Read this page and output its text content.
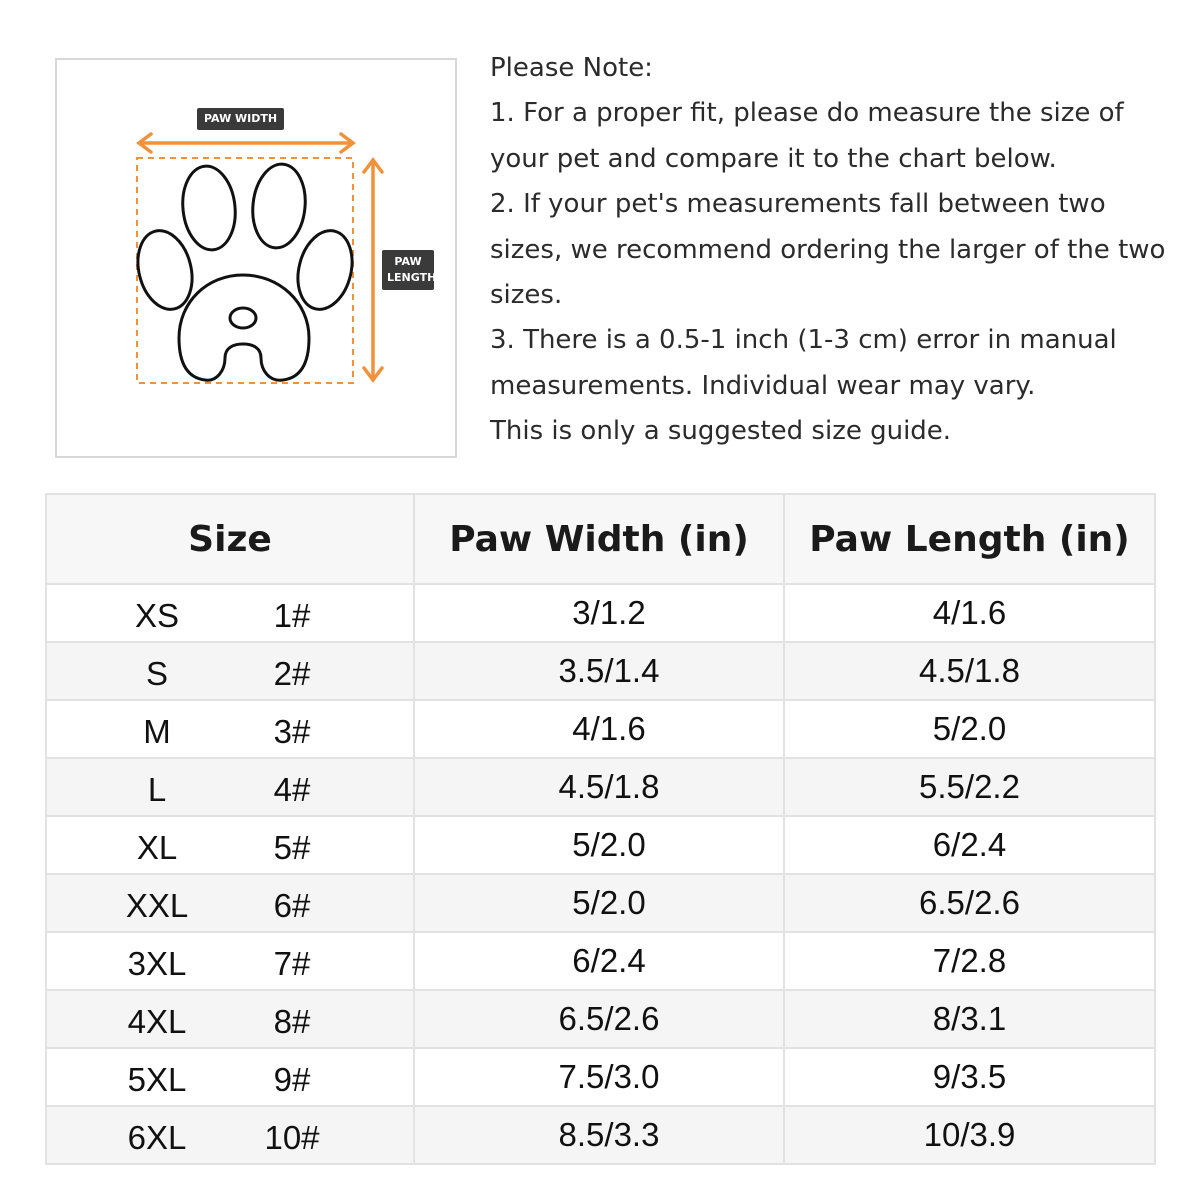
PAW WIDTH
PAW
LENGTH
Please Note:
1. For a proper fit, please do measure the size of
your pet and compare it to the chart below.
2. If your pet's measurements fall between two
sizes, we recommend ordering the larger of the two
sizes.
3. There is a 0.5-1 inch (1-3 cm) error in manual
measurements. Individual wear may vary.
This is only a suggested size guide.
Size	Paw Width (in)	Paw Length (in)

XS 1#	3/1.2	4/1.6

S 2#	3.5/1.4	4.5/1.8

M 3#	4/1.6	5/2.0

L 4#	4.5/1.8	5.5/2.2

XL 5#	5/2.0	6/2.4

XXL 6#	5/2.0	6.5/2.6

3XL 7#	6/2.4	7/2.8

4XL 8#	6.5/2.6	8/3.1

5XL 9#	7.5/3.0	9/3.5

6XL 10#	8.5/3.3	10/3.9
